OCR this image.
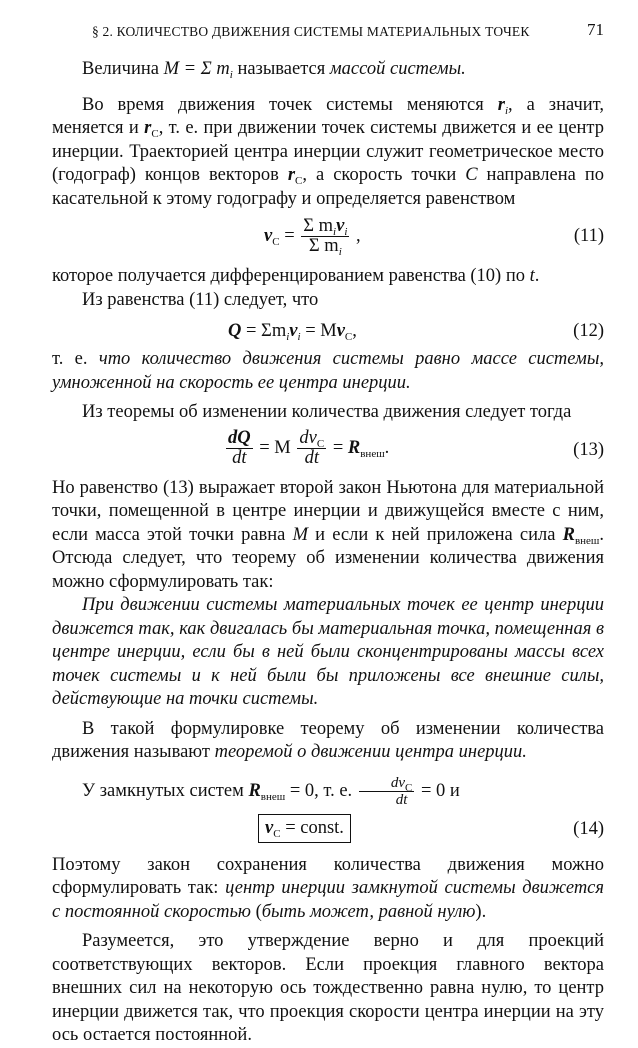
§ 2. КОЛИЧЕСТВО ДВИЖЕНИЯ СИСТЕМЫ МАТЕРИАЛЬНЫХ ТОЧЕК	71

Величина M = Σ $m_i$ называется массой системы.

Во время движения точек системы меняются $r_i$, а значит, меняется и $r_C$, т. е. при движении точек системы движется и ее центр инерции. Траекторией центра инерции служит геометрическое место (годограф) концов векторов $r_C$, а скорость точки C направлена по касательной к этому годографу и определяется равенством

$v_C = \frac{\Sigma m_iv_i}{\Sigma m_i}$ ,	(11)

которое получается дифференцированием равенства (10) по t.

Из равенства (11) следует, что

$Q = \Sigma m_iv_i = Mv_C$,	(12)

т. е. что количество движения системы равно массе системы, умноженной на скорость ее центра инерции.

Из теоремы об изменении количества движения следует тогда

$\frac{dQ}{dt} = M \frac{dv_C}{dt} = R_{внеш}$.	(13)

Но равенство (13) выражает второй закон Ньютона для материальной точки, помещенной в центре инерции и движущейся вместе с ним, если масса этой точки равна M и если к ней приложена сила $R_{внеш}$. Отсюда следует, что теорему об изменении количества движения можно сформулировать так:

При движении системы материальных точек ее центр инерции движется так, как двигалась бы материальная точка, помещенная в центре инерции, если бы в ней были сконцентрированы массы всех точек системы и к ней были бы приложены все внешние силы, действующие на точки системы.

В такой формулировке теорему об изменении количества движения называют теоремой о движении центра инерции.

У замкнутых систем $R_{внеш} = 0$, т. е. $\frac{dv_C}{dt} = 0$ и

$v_C$ = const.	(14)

Поэтому закон сохранения количества движения можно сформулировать так: центр инерции замкнутой системы движется с постоянной скоростью (быть может, равной нулю).

Разумеется, это утверждение верно и для проекций соответствующих векторов. Если проекция главного вектора внешних сил на некоторую ось тождественно равна нулю, то центр инерции движется так, что проекция скорости центра инерции на эту ось остается постоянной.
